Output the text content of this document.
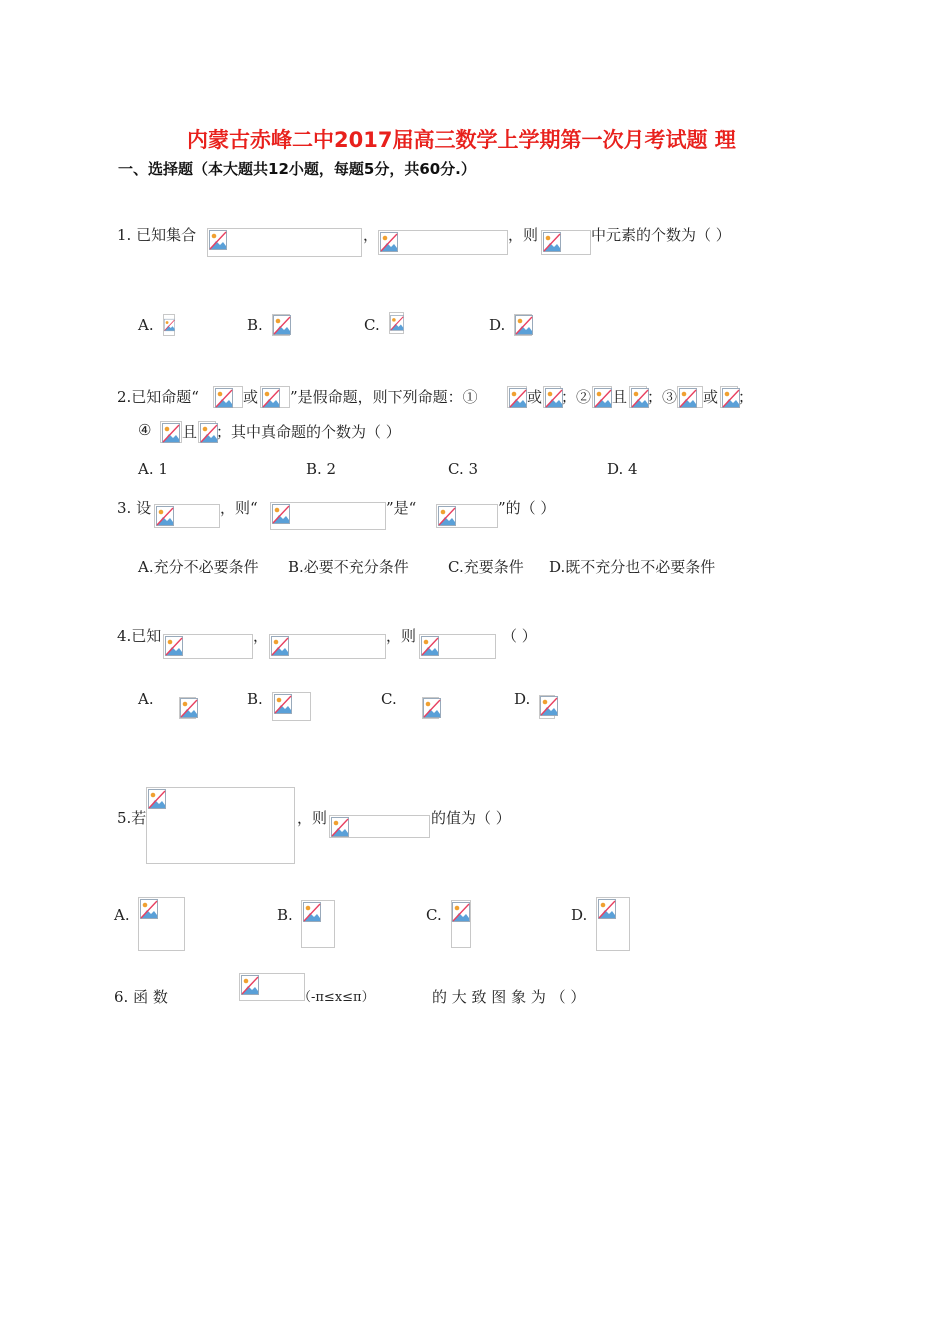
内蒙古赤峰二中2017届高三数学上学期第一次月考试题 理
一、选择题（本大题共12小题，每题5分，共60分.）
1. 已知集合	，	，则	中元素的个数为（ ）
A.	B.	C.	D.
2.已知命题“	或 ”是假命题，则下列命题：①	或 ；② 且 ；③ 或 ；
④ 且 ；其中真命题的个数为（ ）
A. 1	B. 2	C. 3	D. 4
3. 设	，则“	”是“	”的（ ）
A.充分不必要条件 B.必要不充分条件	C.充要条件 D.既不充分也不必要条件
4.已知	，	，则	（ ）
A.	B.	C.	D.
5.若	，则	的值为（ ）
A.	B.	C.	D.
6. 函 数	（-π≤x≤π）	的 大 致 图 象 为 （ ）
